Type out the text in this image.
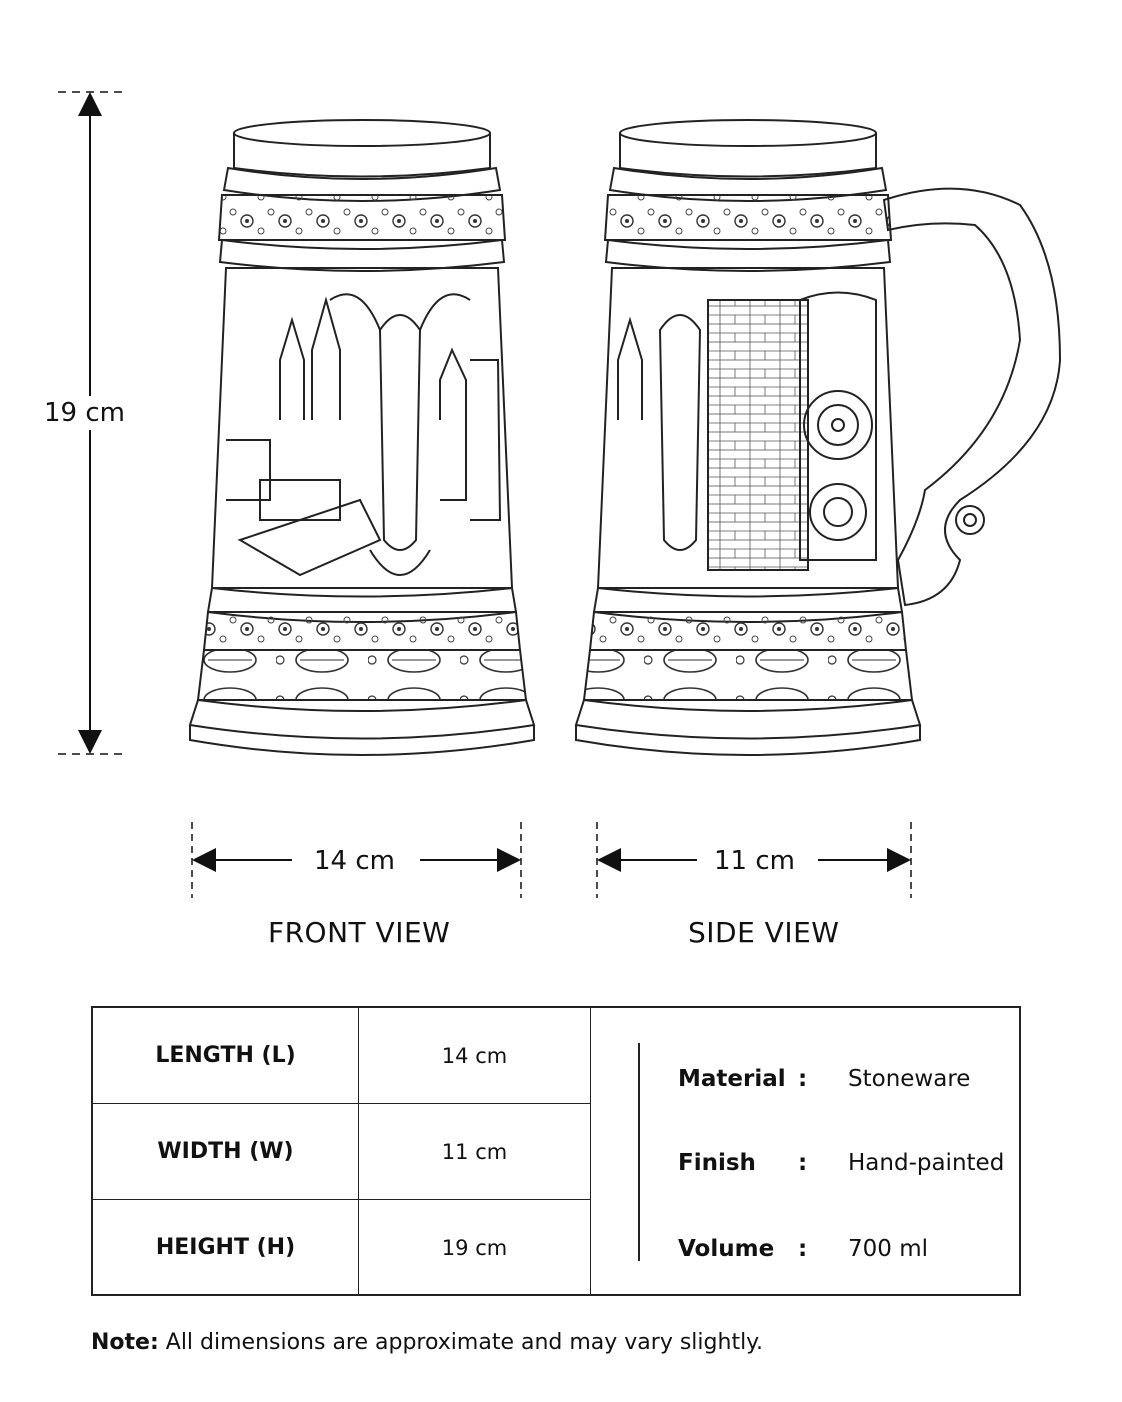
19 cm
14 cm	11 cm
FRONT VIEW	SIDE VIEW
LENGTH (L)	14 cm
WIDTH (W)	11 cm
HEIGHT (H)	19 cm
Material :	Stoneware
Finish	:	Hand-painted
Volume	:	700 ml
Note: All dimensions are approximate and may vary slightly.
